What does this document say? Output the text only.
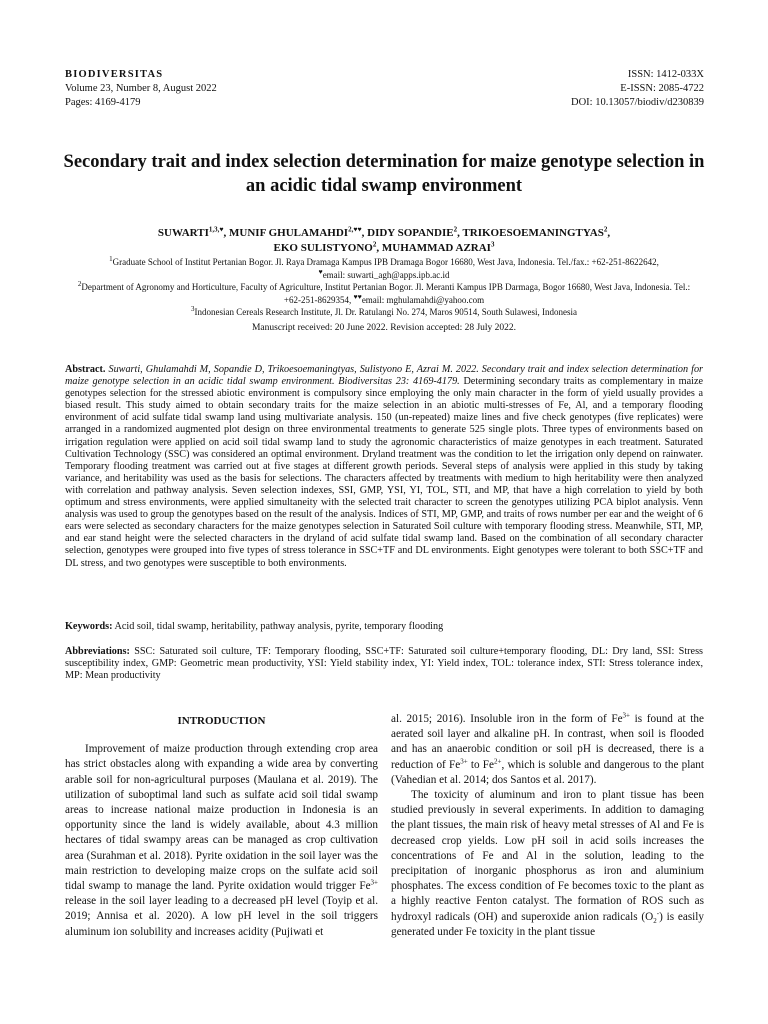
BIODIVERSITAS
Volume 23, Number 8, August 2022
Pages: 4169-4179
ISSN: 1412-033X
E-ISSN: 2085-4722
DOI: 10.13057/biodiv/d230839
Secondary trait and index selection determination for maize genotype selection in an acidic tidal swamp environment
$SUWARTI^{1,3,♥}$, MUNIF $GHULAMAHDI^{2,♥♥}$, DIDY SOPANDIE$^2$, TRIKOESOEMANINGTYAS$^2$,
EKO SULISTYONO$^2$, MUHAMMAD AZRAI$^3$

$^1$Graduate School of Institut Pertanian Bogor. Jl. Raya Dramaga Kampus IPB Dramaga Bogor 16680, West Java, Indonesia. Tel./fax.: +62-251-8622642,
♥email: suwarti_agh@apps.ipb.ac.id

$^2$Department of Agronomy and Horticulture, Faculty of Agriculture, Institut Pertanian Bogor. Jl. Meranti Kampus IPB Darmaga, Bogor 16680, West Java, Indonesia. Tel.: +62-251-8629354, ♥♥email: mghulamahdi@yahoo.com

$^3$Indonesian Cereals Research Institute, Jl. Dr. Ratulangi No. 274, Maros 90514, South Sulawesi, Indonesia

Manuscript received: 20 June 2022. Revision accepted: 28 July 2022.
Abstract. Suwarti, Ghulamahdi M, Sopandie D, Trikoesoemaningtyas, Sulistyono E, Azrai M. 2022. Secondary trait and index selection determination for maize genotype selection in an acidic tidal swamp environment. Biodiversitas 23: 4169-4179. Determining secondary traits as complementary in maize genotypes selection for the stressed abiotic environment is compulsory since employing the only main character in the form of yield usually provides a biased result. This study aimed to obtain secondary traits for the maize selection in an abiotic multi-stresses of Fe, Al, and a temporary flooding environment of acid sulfate tidal swamp land using multivariate analysis. 150 (un-repeated) maize lines and five check genotypes (five replicates) were arranged in a randomized augmented plot design on three environmental treatments to generate 525 single plots. Three types of environments based on irrigation regulation were applied on acid soil tidal swamp land to study the agronomic characteristics of maize genotypes in each treatment. Saturated Cultivation Technology (SSC) was considered an optimal environment. Dryland treatment was the condition to let the irrigation only depend on rainwater. Temporary flooding treatment was carried out at five stages at different growth periods. Several steps of analysis were applied in this study by taking variance, and heritability was used as the basis for selections. The characters affected by treatments with medium to high heritability were then analyzed with correlation and pathway analysis. Seven selection indexes, SSI, GMP, YSI, YI, TOL, STI, and MP, that have a high correlation to yield by both optimum and stress environments, were applied simultaneity with the selected trait character to screen the genotypes utilizing PCA biplot analysis. Venn analysis was used to group the genotypes based on the result of the analysis. Indices of STI, MP, GMP, and traits of rows number per ear and the weight of 6 ears were selected as secondary characters for the maize genotypes selection in Saturated Soil culture with temporary flooding stress. Meanwhile, STI, MP, and ear stand height were the selected characters in the dryland of acid sulfate tidal swamp land. Based on the combination of all secondary character selection, genotypes were grouped into five types of stress tolerance in SSC+TF and DL environments. Eight genotypes were tolerant to both SSC+TF and DL stress, and two genotypes were susceptible to both environments.
Keywords: Acid soil, tidal swamp, heritability, pathway analysis, pyrite, temporary flooding
Abbreviations: SSC: Saturated soil culture, TF: Temporary flooding, SSC+TF: Saturated soil culture+temporary flooding, DL: Dry land, SSI: Stress susceptibility index, GMP: Geometric mean productivity, YSI: Yield stability index, YI: Yield index, TOL: tolerance index, STI: Stress tolerance index, MP: Mean productivity

INTRODUCTION

Improvement of maize production through extending crop area has strict obstacles along with expanding a wide area by converting arable soil for non-agricultural purposes (Maulana et al. 2019). The utilization of suboptimal land such as sulfate acid soil tidal swamp areas to increase national maize production in Indonesia is an opportunity since the land is widely available, about 4.3 million hectares of tidal swampy areas can be managed as crop cultivation area (Surahman et al. 2018). Pyrite oxidation in the soil layer was the main restriction to developing maize crops on the sulfate acid soil tidal swamp to manage the land. Pyrite oxidation would trigger $Fe^{3+}$ release in the soil layer leading to a decreased pH level (Toyip et al. 2019; Annisa et al. 2020). A low pH level in the soil triggers aluminum ion solubility and increases acidity (Pujiwati et

al. 2015; 2016). Insoluble iron in the form of $Fe^{3+}$ is found at the aerated soil layer and alkaline pH. In contrast, when soil is flooded and has an anaerobic condition or soil pH is decreased, there is a reduction of $Fe^{3+}$ to $Fe^{2+}$, which is soluble and dangerous to the plant (Vahedian et al. 2014; dos Santos et al. 2017).

The toxicity of aluminum and iron to plant tissue has been studied previously in several experiments. In addition to damaging the plant tissues, the main risk of heavy metal stresses of Al and Fe is decreased crop yields. Low pH soil in acid soils increases the concentrations of Fe and Al in the solution, leading to the precipitation of inorganic phosphorus as iron and aluminium phosphates. The excess condition of Fe becomes toxic to the plant as a highly reactive Fenton catalyst. The formation of ROS such as hydroxyl radicals (OH) and superoxide anion radicals $(O_2^-)$ is easily generated under Fe toxicity in the plant tissue
